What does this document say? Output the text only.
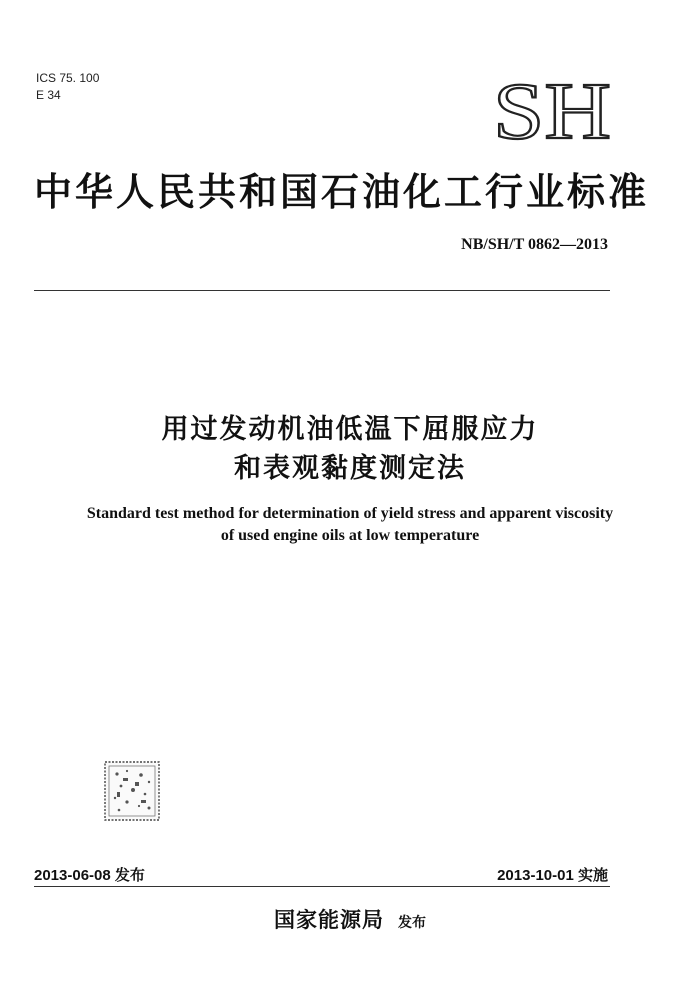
ICS 75. 100
E 34	SH
中华人民共和国石油化工行业标准
NB/SH/T 0862—2013
用过发动机油低温下屈服应力
和表观黏度测定法
Standard test method for determination of yield stress and apparent viscosity
of used engine oils at low temperature
2013-06-08 发布	2013-10-01 实施
国家能源局 发布
